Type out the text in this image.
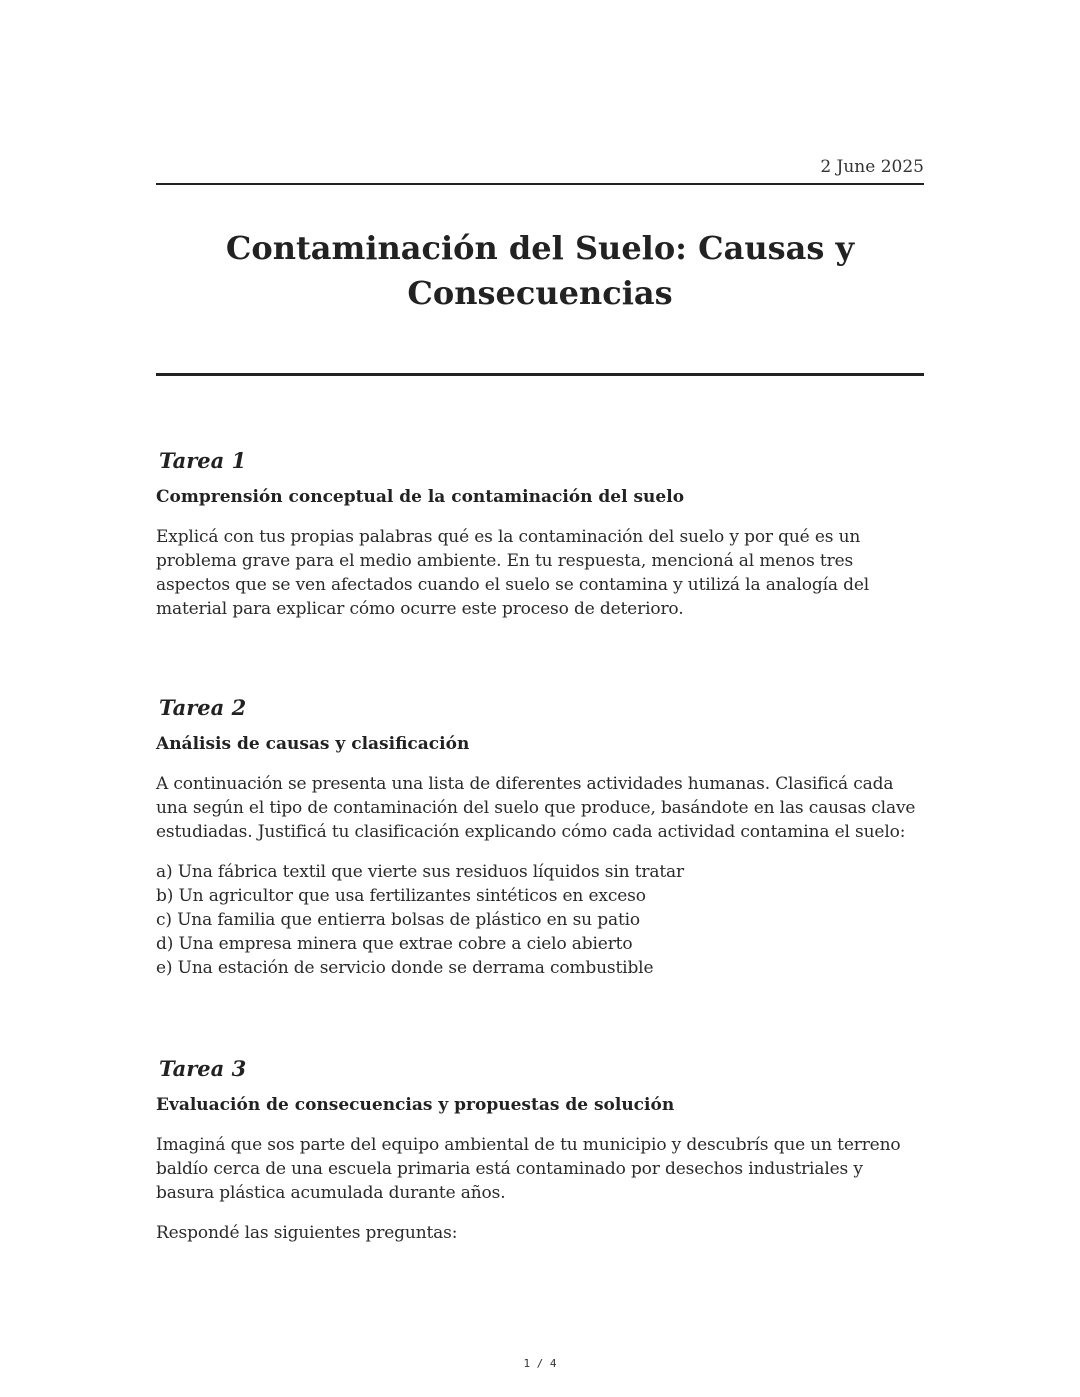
2 June 2025
Contaminación del Suelo: Causas y Consecuencias
Tarea 1
Comprensión conceptual de la contaminación del suelo

Explicá con tus propias palabras qué es la contaminación del suelo y por qué es un problema grave para el medio ambiente. En tu respuesta, mencioná al menos tres aspectos que se ven afectados cuando el suelo se contamina y utilizá la analogía del material para explicar cómo ocurre este proceso de deterioro.

Tarea 2
Análisis de causas y clasificación

A continuación se presenta una lista de diferentes actividades humanas. Clasificá cada una según el tipo de contaminación del suelo que produce, basándote en las causas clave estudiadas. Justificá tu clasificación explicando cómo cada actividad contamina el suelo:

a) Una fábrica textil que vierte sus residuos líquidos sin tratar
b) Un agricultor que usa fertilizantes sintéticos en exceso
c) Una familia que entierra bolsas de plástico en su patio
d) Una empresa minera que extrae cobre a cielo abierto
e) Una estación de servicio donde se derrama combustible
Tarea 3
Evaluación de consecuencias y propuestas de solución

Imaginá que sos parte del equipo ambiental de tu municipio y descubrís que un terreno baldío cerca de una escuela primaria está contaminado por desechos industriales y basura plástica acumulada durante años.

Respondé las siguientes preguntas:

1 / 4
